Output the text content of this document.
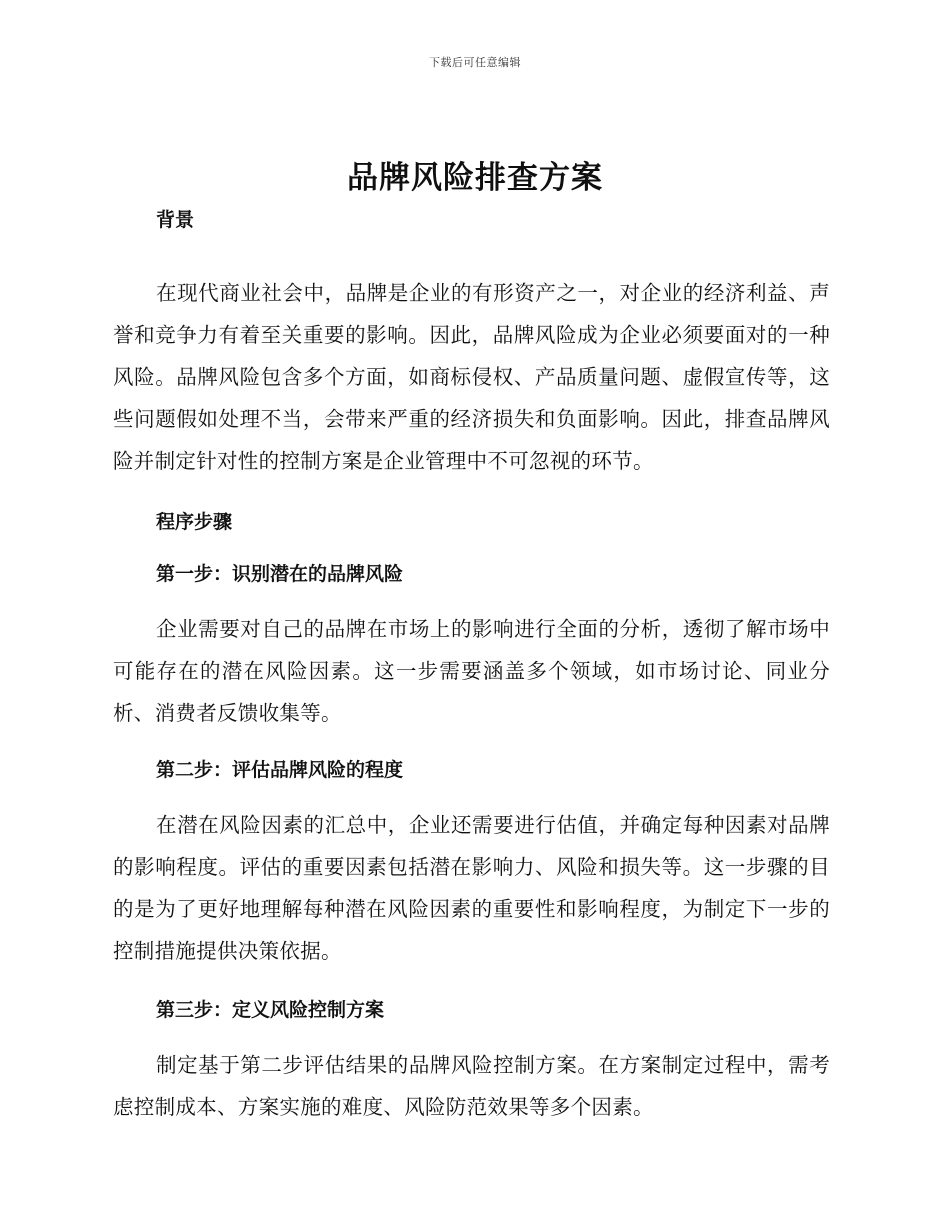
下载后可任意编辑
品牌风险排查方案
背景

在现代商业社会中，品牌是企业的有形资产之一，对企业的经济利益、声誉和竞争力有着至关重要的影响。因此，品牌风险成为企业必须要面对的一种风险。品牌风险包含多个方面，如商标侵权、产品质量问题、虚假宣传等，这些问题假如处理不当，会带来严重的经济损失和负面影响。因此，排查品牌风险并制定针对性的控制方案是企业管理中不可忽视的环节。

程序步骤
第一步：识别潜在的品牌风险

企业需要对自己的品牌在市场上的影响进行全面的分析，透彻了解市场中可能存在的潜在风险因素。这一步需要涵盖多个领域，如市场讨论、同业分析、消费者反馈收集等。

第二步：评估品牌风险的程度

在潜在风险因素的汇总中，企业还需要进行估值，并确定每种因素对品牌的影响程度。评估的重要因素包括潜在影响力、风险和损失等。这一步骤的目的是为了更好地理解每种潜在风险因素的重要性和影响程度，为制定下一步的控制措施提供决策依据。

第三步：定义风险控制方案

制定基于第二步评估结果的品牌风险控制方案。在方案制定过程中，需考虑控制成本、方案实施的难度、风险防范效果等多个因素。
